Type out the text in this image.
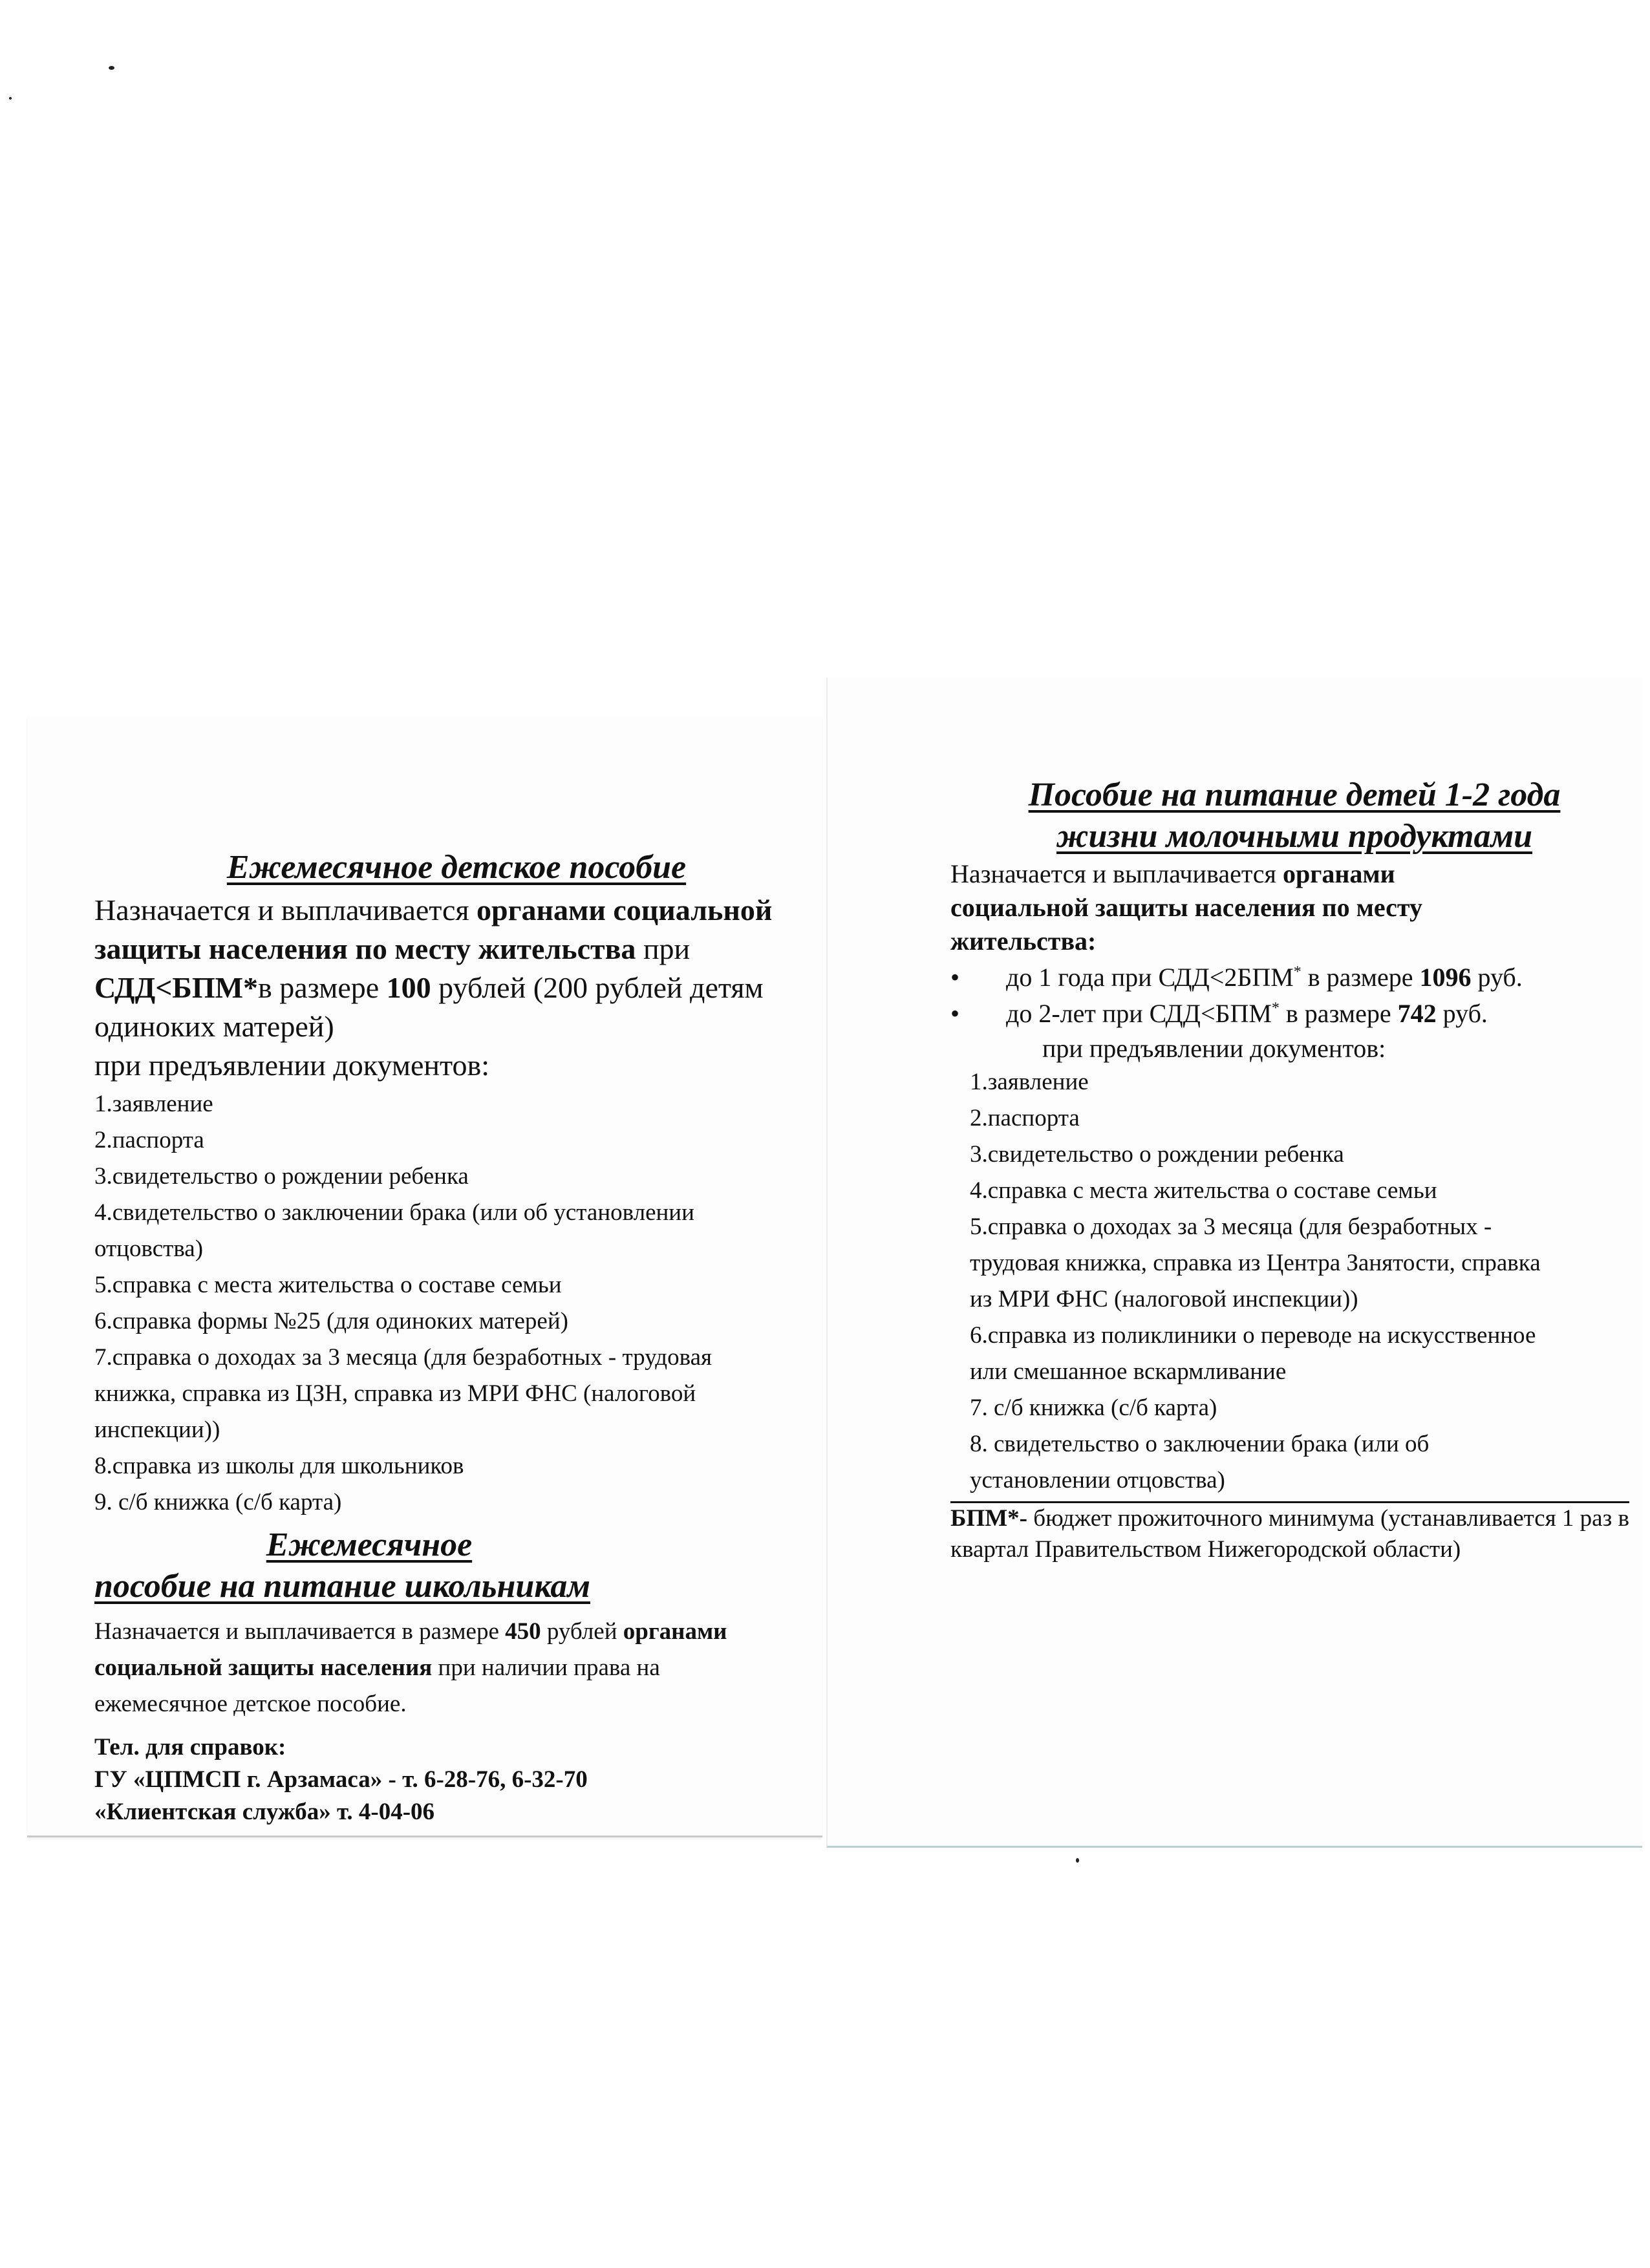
Ежемесячное детское пособие

Назначается и выплачивается органами социальной защиты населения по месту жительства при СДД<БПМ*в размере 100 рублей (200 рублей детям одиноких матерей)

при предъявлении документов:

1.заявление
2.паспорта
3.свидетельство о рождении ребенка
4.свидетельство о заключении брака (или об установлении отцовства)
5.справка с места жительства о составе семьи
6.справка формы №25 (для одиноких матерей)
7.справка о доходах за 3 месяца (для безработных - трудовая книжка, справка из ЦЗН, справка из МРИ ФНС (налоговой инспекции))
8.справка из школы для школьников
9. с/б книжка (с/б карта)
Ежемесячное
пособие на питание школьникам

Назначается и выплачивается в размере 450 рублей органами социальной защиты населения при наличии права на ежемесячное детское пособие.

Тел. для справок:

ГУ «ЦПМСП г. Арзамаса» - т. 6-28-76, 6-32-70

«Клиентская служба» т. 4-04-06

Пособие на питание детей 1-2 года
жизни молочными продуктами

Назначается и выплачивается органами социальной защиты населения по месту жительства:

• до 1 года при СДД<2БПМ* в размере 1096 руб.
• до 2-лет при СДД<БПМ* в размере 742 руб.

при предъявлении документов:

1.заявление
2.паспорта
3.свидетельство о рождении ребенка
4.справка с места жительства о составе семьи
5.справка о доходах за 3 месяца (для безработных - трудовая книжка, справка из Центра Занятости, справка из МРИ ФНС (налоговой инспекции))
6.справка из поликлиники о переводе на искусственное или смешанное вскармливание
7. с/б книжка (с/б карта)
8. свидетельство о заключении брака (или об установлении отцовства)

БПМ*- бюджет прожиточного минимума (устанавливается 1 раз в квартал Правительством Нижегородской области)
